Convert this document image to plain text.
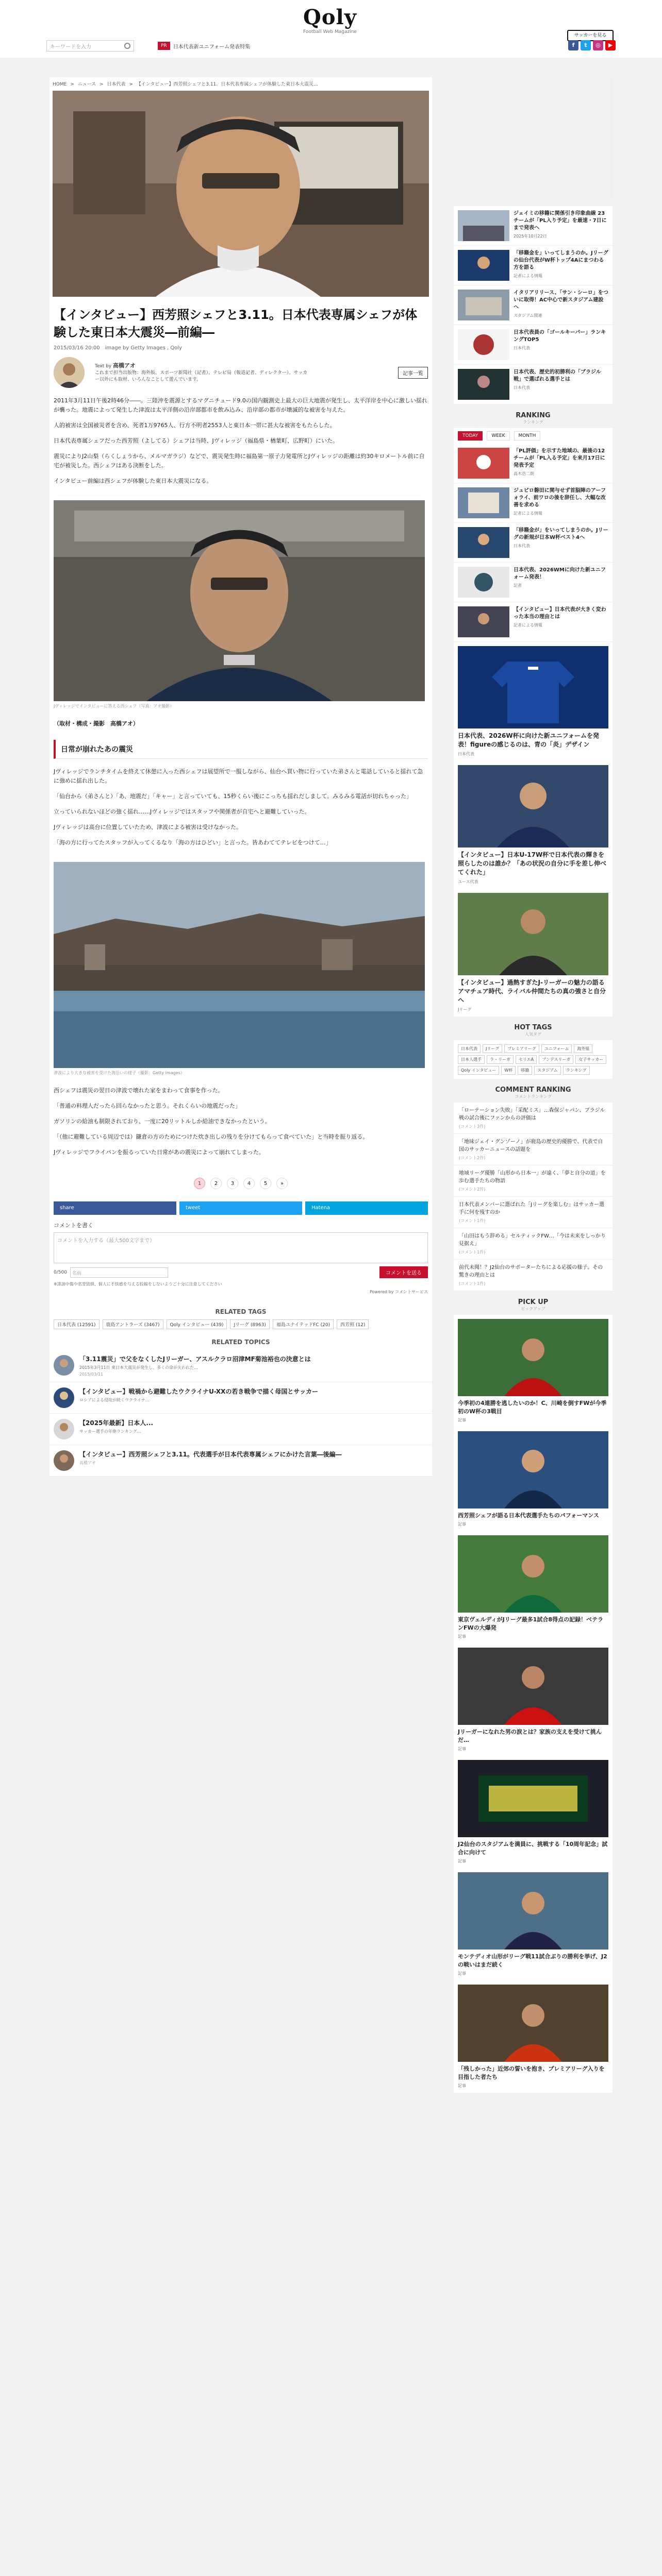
Qoly
Football Web Magazine
サッカーを見る
キーワードを入力	PR	日本代表新ユニフォーム発表特集	f	t	◎	▶
HOME > ニュース > 日本代表 > 【インタビュー】西芳照シェフと3.11。日本代表専属シェフが体験した東日本大震災…
【インタビュー】西芳照シェフと3.11。日本代表専属シェフが体験した東日本大震災―前編―
2015/03/16 20:00 image by Getty Images , Qoly
Text by 高橋アオ
これまで担当出版物：海外版、スポーツ新聞社（記者）、テレビ局（報道記者、ディレクター）。サッカー以外にも取材、いろんなことして遊んでいます。
記事一覧

2011年3月11日午後2時46分――。三陸沖を震源とするマグニチュード9.0の国内観測史上最大の巨大地震が発生し、太平洋岸を中心に激しい揺れが襲った。地震によって発生した津波は太平洋側の沿岸部都市を飲み込み、沿岸部の都市が壊滅的な被害を与えた。

人的被害は全国被災者を含め、死者1万9765人、行方不明者2553人と東日本一帯に甚大な被害をもたらした。

日本代表専属シェフだった西芳照（よしてる）シェフは当時、Jヴィレッジ（福島県・楢葉町、広野町）にいた。

震災によりJ2山梨（らくしょうから、メルマガラジ）などで、震災発生時に福島第一原子力発電所とJヴィレッジの距離は約30キロメートル前に自宅が被災した。西シェフはある決断をした。

インタビュー前編は西シェフが体験した東日本大震災になる。

Jヴィレッジでインタビューに答える西シェフ（写真：アオ撮影）
（取材・構成・撮影　高橋アオ）
日常が崩れたあの震災

Jヴィレッジでランチタイムを終えて休憩に入った西シェフは展望所で一服しながら、仙台へ買い物に行っていた弟さんと電話していると揺れて急に強めに揺れ出した。

「仙台から（弟さんと）「あ、地震だ」「キャー」と言っていても、15秒くらい後にこっちも揺れだしまして。みるみる電話が切れちゃった」

立っていられないほどの強く揺れ……Jヴィレッジではスタッフや関係者が自宅へと避難していった。

Jヴィレッジは高台に位置していたため、津波による被害は受けなかった。

「海の方に行ってたスタッフが入ってくるなり「海の方はひどい」と言った。皆あわててテレビをつけて…」

津波により大きな被害を受けた海沿いの様子（撮影：Getty Images）

西シェフは震災の翌日の津波で壊れた家をまわって食事を作った。

「普通の料理人だったら回らなかったと思う。それくらいの地震だった」

ガソリンの給油も制限されており、一度に20リットルしか給油できなかったという。

「（他に避難している周辺では）鎌倉の方のためにつけた炊き出しの残りを分けてもらって食べていた」と当時を振り返る。

Jヴィレッジでフライパンを振るっていた日常があの震災によって崩れてしまった。

1	2	3	4	5	»
share	tweet	Hatena
コメントを書く
コメントを入力する（最大500文字まで）
0/500	名前	コメントを送る
※誹謗中傷や名誉毀損、個人に不快感を与える投稿をしないようご十分に注意してください
Powered by コメントサービス
RELATED TAGS
日本代表 (12591)	鹿島アントラーズ (3467)	Qoly インタビュー (439)	Jリーグ (8963)	福島ユナイテッドFC (20)	西芳照 (12)
RELATED TOPICS
「3.11震災」で父をなくしたJリーガー、アスルクラロ沼津MF菊池裕也の決意とは
2015年3月11日 東日本大震災が発生し、多くの命が失われた…
2015/03/11
【インタビュー】戦禍から避難したウクライナU-XXの若き戦争で描く母国とサッカー
ロシアによる侵攻が続くウクライナ…
【2025年最新】日本人...
サッカー選手の年俸ランキング…
【インタビュー】西芳照シェフと3.11。代表選手が日本代表専属シェフにかけた言葉―後編―
高橋アオ
ジェイミの移籍に関係引き印象曲線 23チームが「PL入り予定」を最速・7日にまで発表へ
2025年10月22日
「移籍金を」いってしまうのか。Jリーグの仙台代表がW杯トップ4Aにまつわる方を語る
記者による情報
イタリアリリース、「サン・シーロ」をついに取得！AC中心で新スタジアム建設へ
スタジアム関連
日本代表員の「ゴールキーパー」ランキングTOP5
日本代表
日本代表、歴史的初勝利の「ブラジル戦」で選ばれる選手とは
日本代表
RANKING
ランキング
TODAY	WEEK	MONTH
「PL評価」を示すた地域の、最後の12チームが「PL入る予定」を来月17日に発表予定
高木浩二朗
ジュビロ磐田に関与せず首脳陣のアーフォライ、前ワロの後を辞任し、大幅な改善を求める
記者による情報
「移籍金が」をいってしまうのか。Jリーグの新規が日本W杯ベスト4へ
日本代表
日本代表、2026WMに向けた新ユニフォーム発表！
記者
【インタビュー】日本代表が大きく変わった本当の理由とは
記者による情報
日本代表、2026W杯に向けた新ユニフォームを発表！figureの感じるのは、青の「炎」デザイン
日本代表
【インタビュー】日本U-17W杯で日本代表の輝きを照らしたのは誰か？「あの状況の自分に手を差し伸べてくれた」
ユース代表
【インタビュー】過熱すぎたJ-リーガーの魅力の語るアマチュア時代、ライバル仲間たちの真の強さと自分へ
Jリーグ
HOT TAGS
人気タグ
日本代表	Jリーグ	プレミアリーグ	ユニフォーム	海外組
日本人選手	ラ・リーガ	セリエA	ブンデスリーガ	女子サッカー
Qoly インタビュー	W杯	移籍	スタジアム	ランキング
COMMENT RANKING
コメントランキング
「ローテーション失敗」「采配ミス」…森保ジャパン、ブラジル戦の試合後にファンからの評価は
(コメント3件)
「地味ジェイ・グンゾーノ」が鹿島の歴史的優勝で、代表で自国のサッカーニュースの話題を
(コメント2件)
地域リーグ優勝「山形から日本一」が遠く、「夢と自分の道」を歩む選手たちの物語
(コメント2件)
日本代表メンバーに選ばれた「Jリーグを楽しむ」はサッカー選手に何を残すのか
(コメント1件)
「山田はもう辞める」セルティックFW…「今は未来をしっかり見据え」
(コメント1件)
前代未聞！？J2仙台のサポーターたちによる応援の様子。その驚きの理由とは
(コメント1件)
PICK UP
ピックアップ
今季初の4連勝を逃したいのか！C、川崎を倒すFWが今季初のW杯の3戦目
記事
西芳照シェフが語る日本代表選手たちのパフォーマンス
記事
東京ヴェルディがJリーグ最多1試合8得点の記録！ベテランFWの大爆発
記事
Jリーガーになれた男の涙とは？家族の支えを受けて挑んだ…
記事
J2仙台のスタジアムを満員に、挑戦する「10周年記念」試合に向けて
記事
モンテディオ山形がリーグ戦11試合ぶりの勝利を挙げ、J2の戦いはまだ続く
記事
「残しかった」近郊の誓いを抱き、プレミアリーグ入りを目指した者たち
記事
